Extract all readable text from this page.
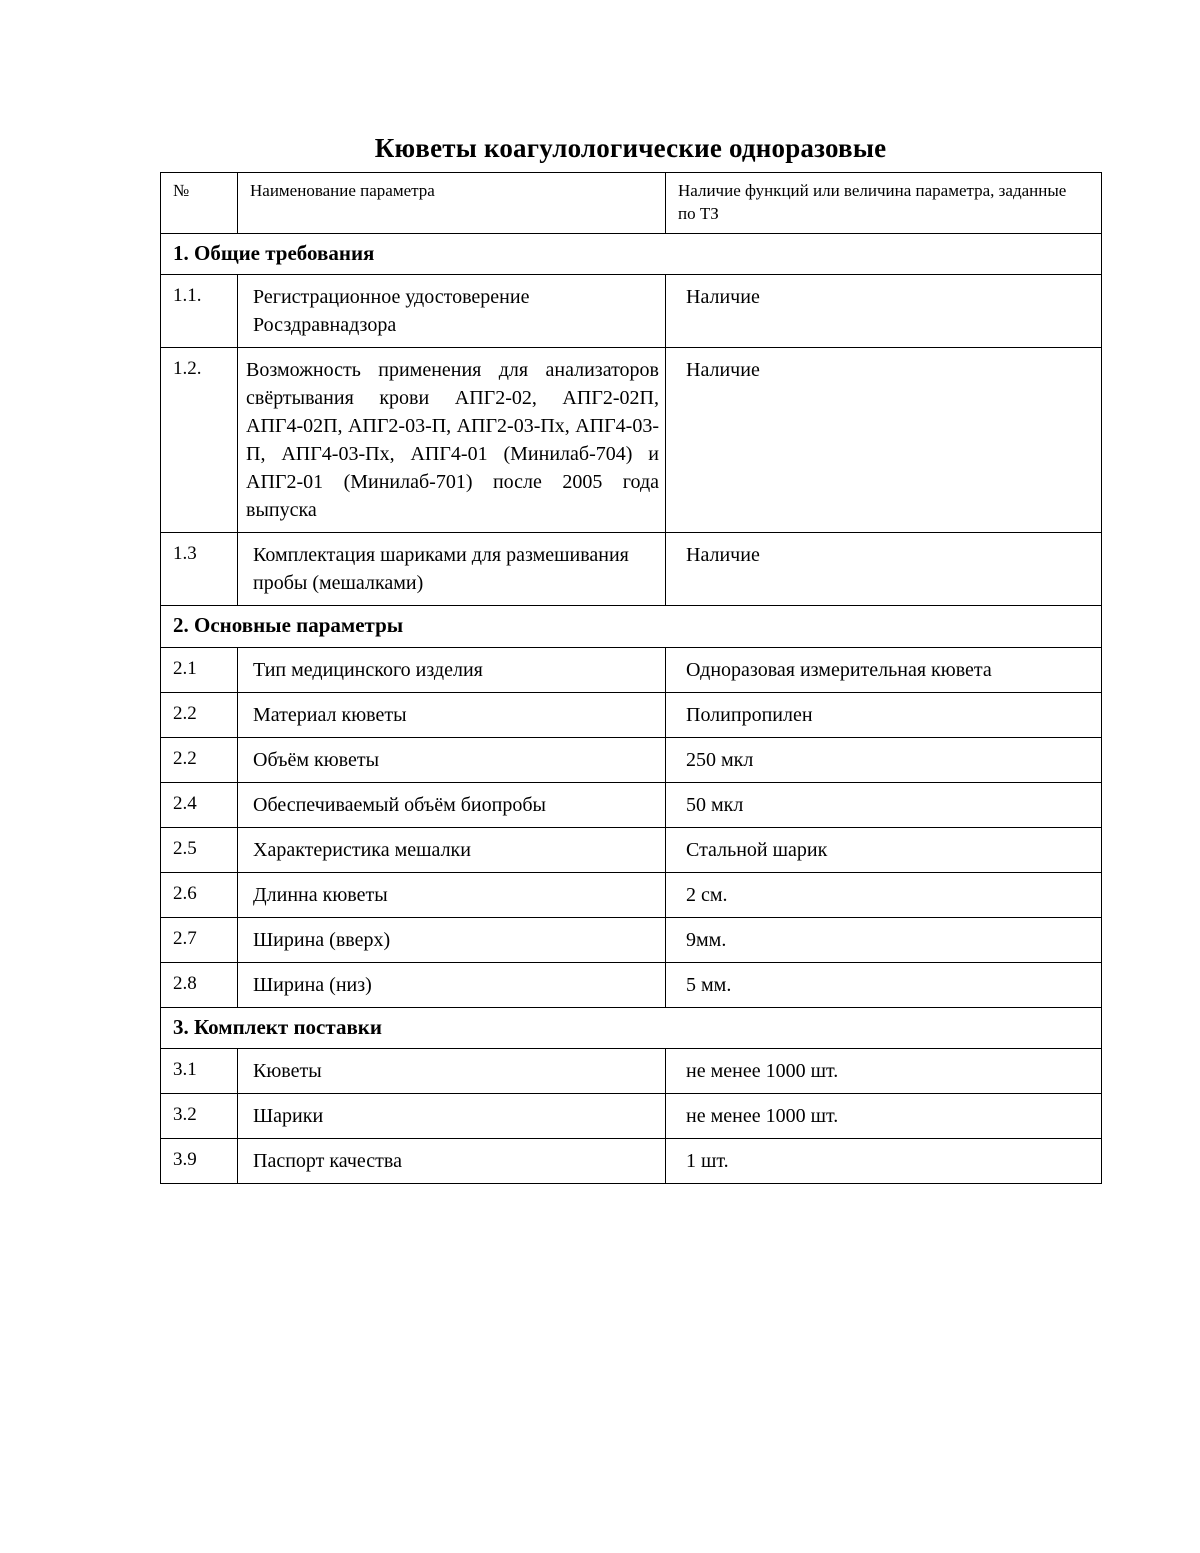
Кюветы коагулологические одноразовые
№	Наименование параметра	Наличие функций или величина параметра, заданные по ТЗ
1. Общие требования		
1.1.	Регистрационное удостоверение Росздравнадзора	Наличие
1.2.	Возможность применения для анализаторов свёртывания крови АПГ2-02, АПГ2-02П, АПГ4-02П, АПГ2-03-П, АПГ2-03-Пх, АПГ4-03-П, АПГ4-03-Пх, АПГ4-01 (Минилаб-704) и АПГ2-01 (Минилаб-701) после 2005 года выпуска	Наличие
1.3	Комплектация шариками для размешивания пробы (мешалками)	Наличие
2. Основные параметры		
2.1	Тип медицинского изделия	Одноразовая измерительная кювета
2.2	Материал кюветы	Полипропилен
2.2	Объём кюветы	250 мкл
2.4	Обеспечиваемый объём биопробы	50 мкл
2.5	Характеристика мешалки	Стальной шарик
2.6	Длинна кюветы	2 см.
2.7	Ширина (вверх)	9мм.
2.8	Ширина (низ)	5 мм.
3. Комплект поставки		
3.1	Кюветы	не менее 1000 шт.
3.2	Шарики	не менее 1000 шт.
3.9	Паспорт качества	1 шт.
